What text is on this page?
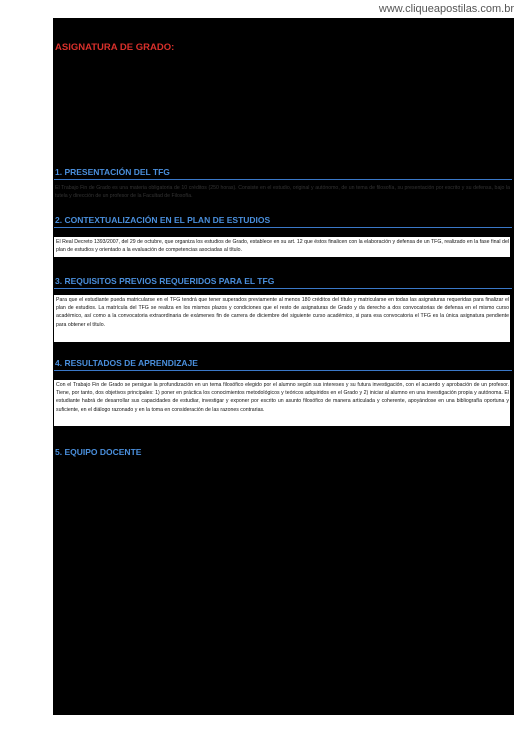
www.cliqueapostilas.com.br
ASIGNATURA DE GRADO:
1. PRESENTACIÓN DEL TFG
El Trabajo Fin de Grado es una materia obligatoria de 10 créditos (250 horas). Consiste en el estudio, original y autónomo, de un tema de filosofía, su presentación por escrito y su defensa, bajo la tutela y dirección de un profesor de la Facultad de Filosofía.
2. CONTEXTUALIZACIÓN EN EL PLAN DE ESTUDIOS
El Real Decreto 1393/2007, del 29 de octubre, que organiza los estudios de Grado, establece en su art. 12 que éstos finalicen con la elaboración y defensa de un TFG, realizado en la fase final del plan de estudios y orientado a la evaluación de competencias asociadas al título.
3. REQUISITOS PREVIOS REQUERIDOS PARA EL TFG
Para que el estudiante pueda matricularse en el TFG tendrá que tener superados previamente al menos 180 créditos del título y matricularse en todas las asignaturas requeridas para finalizar el plan de estudios. La matrícula del TFG se realiza en los mismos plazos y condiciones que el resto de asignaturas de Grado y da derecho a dos convocatorias de defensa en el mismo curso académico, así como a la convocatoria extraordinaria de exámenes fin de carrera de diciembre del siguiente curso académico, si para esa convocatoria el TFG es la única asignatura pendiente para obtener el título.
4. RESULTADOS DE APRENDIZAJE
Con el Trabajo Fin de Grado se persigue la profundización en un tema filosófico elegido por el alumno según sus intereses y su futura investigación, con el acuerdo y aprobación de un profesor. Tiene, por tanto, dos objetivos principales: 1) poner en práctica los conocimientos metodológicos y teóricos adquiridos en el Grado y 2) iniciar al alumno en una investigación propia y autónoma. El estudiante habrá de desarrollar sus capacidades de estudiar, investigar y exponer por escrito un asunto filosófico de manera articulada y coherente, apoyándose en una bibliografía oportuna y suficiente, en el diálogo razonado y en la toma en consideración de las razones contrarias.
5. EQUIPO DOCENTE
